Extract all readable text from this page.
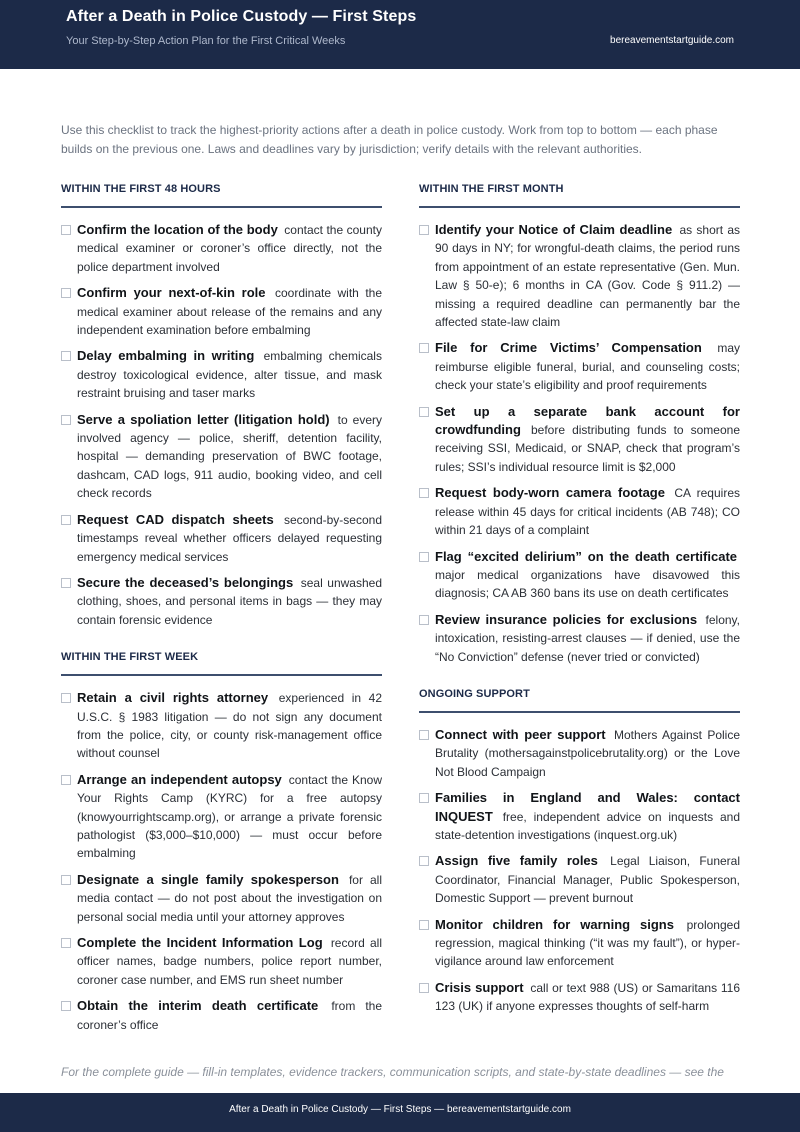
After a Death in Police Custody — First Steps
Your Step-by-Step Action Plan for the First Critical Weeks	bereavementstartguide.com
Use this checklist to track the highest-priority actions after a death in police custody. Work from top to bottom — each phase builds on the previous one. Laws and deadlines vary by jurisdiction; verify details with the relevant authorities.
WITHIN THE FIRST 48 HOURS
Confirm the location of the body contact the county medical examiner or coroner’s office directly, not the police department involved
Confirm your next-of-kin role coordinate with the medical examiner about release of the remains and any independent examination before embalming
Delay embalming in writing embalming chemicals destroy toxicological evidence, alter tissue, and mask restraint bruising and taser marks
Serve a spoliation letter (litigation hold) to every involved agency — police, sheriff, detention facility, hospital — demanding preservation of BWC footage, dashcam, CAD logs, 911 audio, booking video, and cell check records
Request CAD dispatch sheets second-by-second timestamps reveal whether officers delayed requesting emergency medical services
Secure the deceased’s belongings seal unwashed clothing, shoes, and personal items in bags — they may contain forensic evidence
WITHIN THE FIRST WEEK
Retain a civil rights attorney experienced in 42 U.S.C. § 1983 litigation — do not sign any document from the police, city, or county risk-management office without counsel
Arrange an independent autopsy contact the Know Your Rights Camp (KYRC) for a free autopsy (knowyourrightscamp.org), or arrange a private forensic pathologist ($3,000–$10,000) — must occur before embalming
Designate a single family spokesperson for all media contact — do not post about the investigation on personal social media until your attorney approves
Complete the Incident Information Log record all officer names, badge numbers, police report number, coroner case number, and EMS run sheet number
Obtain the interim death certificate from the coroner’s office
WITHIN THE FIRST MONTH
Identify your Notice of Claim deadline as short as 90 days in NY; for wrongful-death claims, the period runs from appointment of an estate representative (Gen. Mun. Law § 50-e); 6 months in CA (Gov. Code § 911.2) — missing a required deadline can permanently bar the affected state-law claim
File for Crime Victims’ Compensation may reimburse eligible funeral, burial, and counseling costs; check your state’s eligibility and proof requirements
Set up a separate bank account for crowdfunding before distributing funds to someone receiving SSI, Medicaid, or SNAP, check that program’s rules; SSI’s individual resource limit is $2,000
Request body-worn camera footage CA requires release within 45 days for critical incidents (AB 748); CO within 21 days of a complaint
Flag “excited delirium” on the death certificate major medical organizations have disavowed this diagnosis; CA AB 360 bans its use on death certificates
Review insurance policies for exclusions felony, intoxication, resisting-arrest clauses — if denied, use the “No Conviction” defense (never tried or convicted)
ONGOING SUPPORT
Connect with peer support Mothers Against Police Brutality (mothersagainstpolicebrutality.org) or the Love Not Blood Campaign
Families in England and Wales: contact INQUEST free, independent advice on inquests and state-detention investigations (inquest.org.uk)
Assign five family roles Legal Liaison, Funeral Coordinator, Financial Manager, Public Spokesperson, Domestic Support — prevent burnout
Monitor children for warning signs prolonged regression, magical thinking (“it was my fault”), or hyper-vigilance around law enforcement
Crisis support call or text 988 (US) or Samaritans 116 123 (UK) if anyone expresses thoughts of self-harm
For the complete guide — fill-in templates, evidence trackers, communication scripts, and state-by-state deadlines — see the
After a Death in Police Custody — First Steps — bereavementstartguide.com
